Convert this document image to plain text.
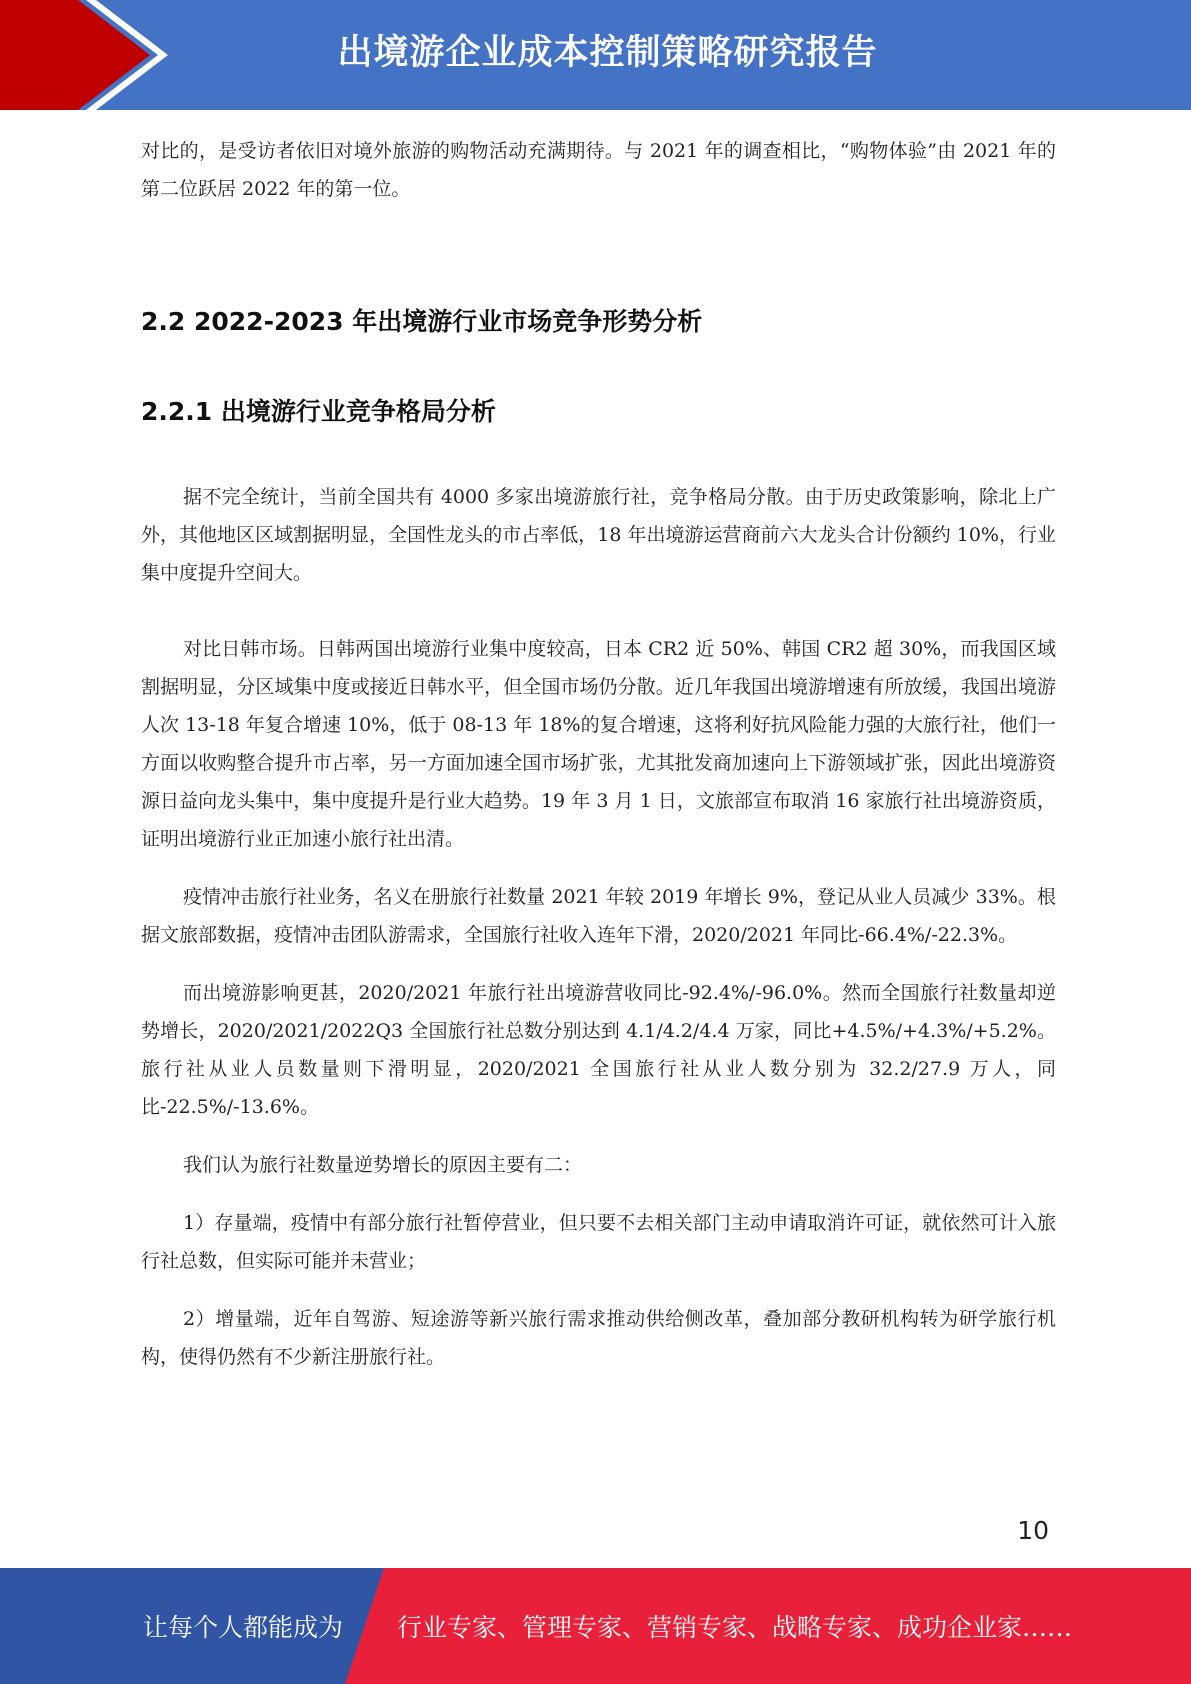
出境游企业成本控制策略研究报告

对比的，是受访者依旧对境外旅游的购物活动充满期待。与 2021 年的调查相比，“购物体验”由 2021 年的第二位跃居 2022 年的第一位。

2.2 2022-2023 年出境游行业市场竞争形势分析
2.2.1 出境游行业竞争格局分析

据不完全统计，当前全国共有 4000 多家出境游旅行社，竞争格局分散。由于历史政策影响，除北上广外，其他地区区域割据明显，全国性龙头的市占率低，18 年出境游运营商前六大龙头合计份额约 10%，行业集中度提升空间大。

对比日韩市场。日韩两国出境游行业集中度较高，日本 CR2 近 50%、韩国 CR2 超 30%，而我国区域割据明显，分区域集中度或接近日韩水平，但全国市场仍分散。近几年我国出境游增速有所放缓，我国出境游人次 13-18 年复合增速 10%，低于 08-13 年 18%的复合增速，这将利好抗风险能力强的大旅行社，他们一方面以收购整合提升市占率，另一方面加速全国市场扩张，尤其批发商加速向上下游领域扩张，因此出境游资源日益向龙头集中，集中度提升是行业大趋势。19 年 3 月 1 日，文旅部宣布取消 16 家旅行社出境游资质，证明出境游行业正加速小旅行社出清。

疫情冲击旅行社业务，名义在册旅行社数量 2021 年较 2019 年增长 9%，登记从业人员减少 33%。根据文旅部数据，疫情冲击团队游需求，全国旅行社收入连年下滑，2020/2021 年同比-66.4%/-22.3%。

而出境游影响更甚，2020/2021 年旅行社出境游营收同比-92.4%/-96.0%。然而全国旅行社数量却逆势增长，2020/2021/2022Q3 全国旅行社总数分别达到 4.1/4.2/4.4 万家，同比+4.5%/+4.3%/+5.2%。旅行社从业人员数量则下滑明显，2020/2021 全国旅行社从业人数分别为 32.2/27.9 万人，同比-22.5%/-13.6%。

我们认为旅行社数量逆势增长的原因主要有二：

1）存量端，疫情中有部分旅行社暂停营业，但只要不去相关部门主动申请取消许可证，就依然可计入旅行社总数，但实际可能并未营业；

2）增量端，近年自驾游、短途游等新兴旅行需求推动供给侧改革，叠加部分教研机构转为研学旅行机构，使得仍然有不少新注册旅行社。

10
让每个人都能成为 行业专家、管理专家、营销专家、战略专家、成功企业家……
